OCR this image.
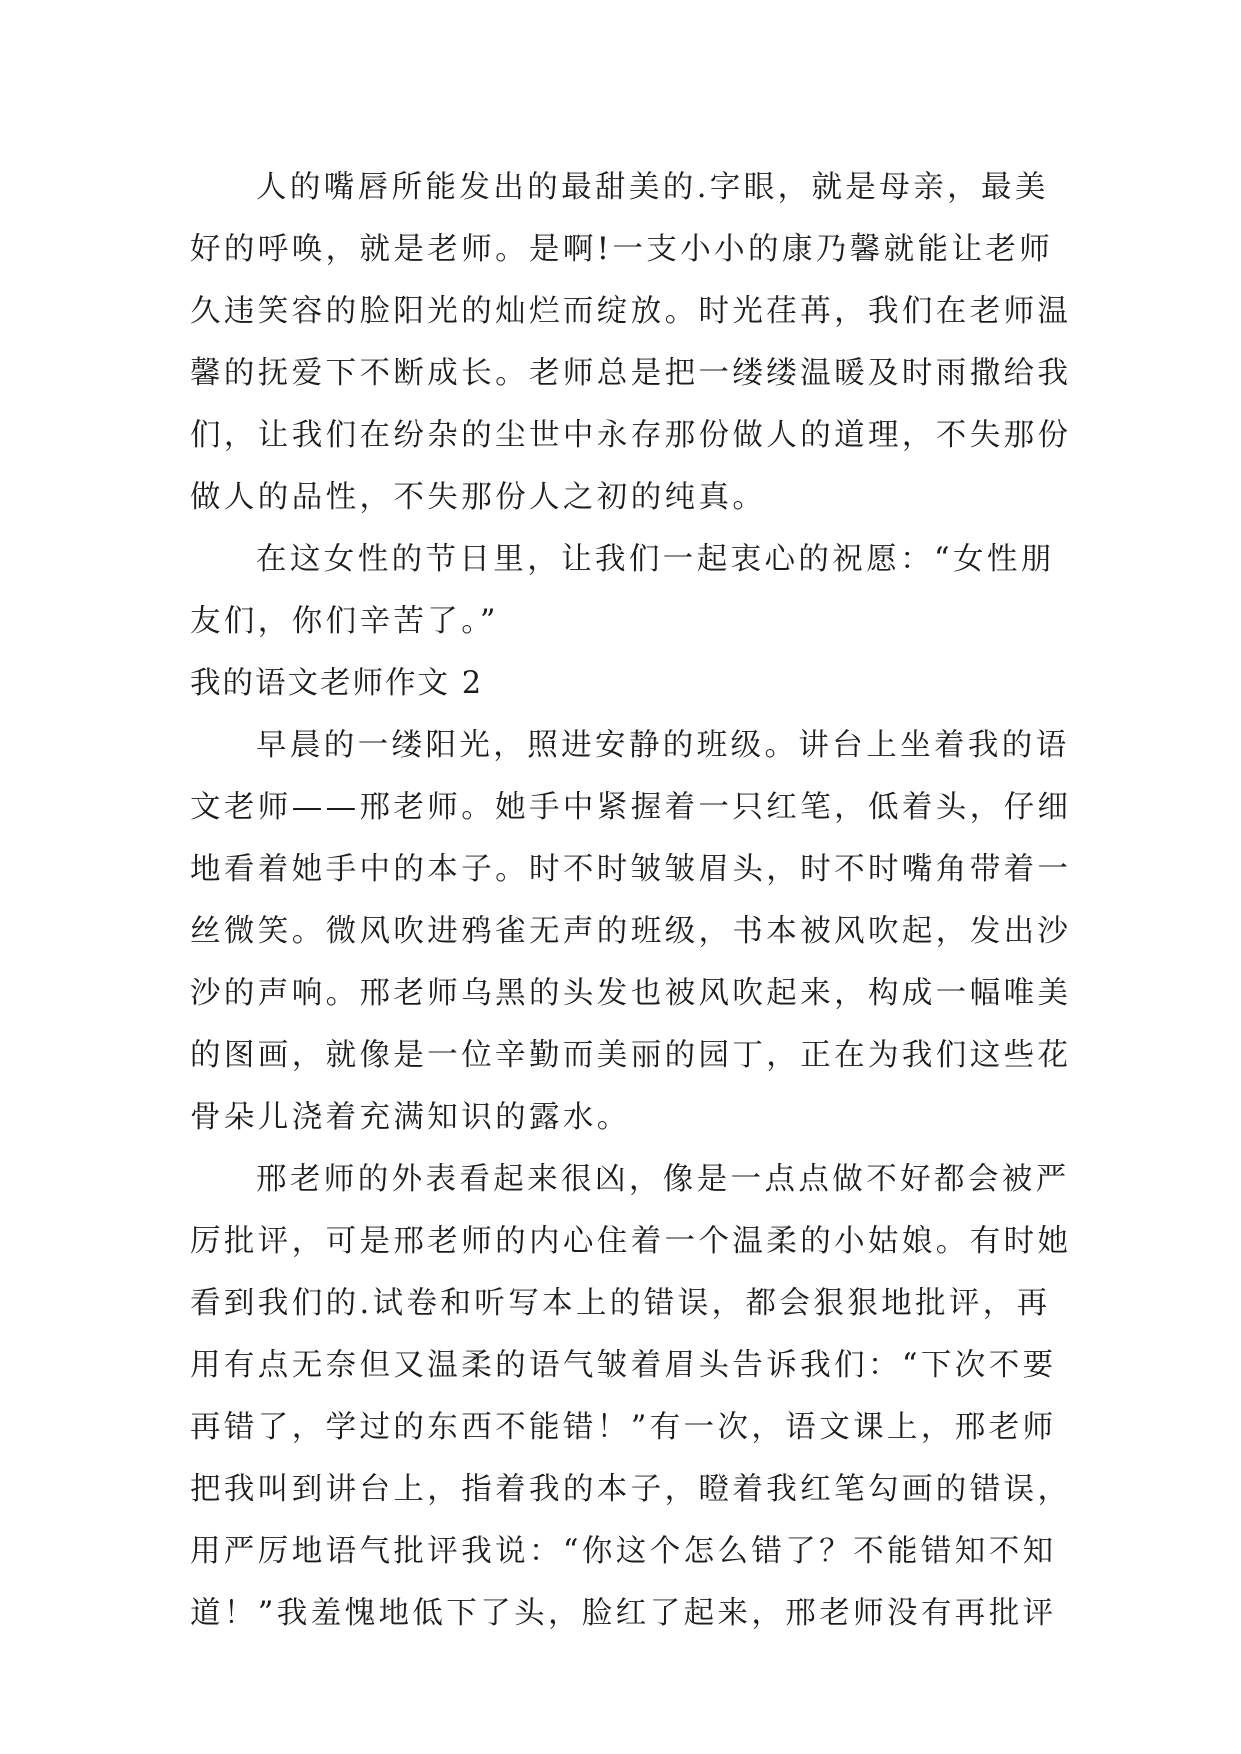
人的嘴唇所能发出的最甜美的.字眼，就是母亲，最美
好的呼唤，就是老师。是啊!一支小小的康乃馨就能让老师
久违笑容的脸阳光的灿烂而绽放。时光荏苒，我们在老师温
馨的抚爱下不断成长。老师总是把一缕缕温暖及时雨撒给我
们，让我们在纷杂的尘世中永存那份做人的道理，不失那份
做人的品性，不失那份人之初的纯真。
在这女性的节日里，让我们一起衷心的祝愿：“女性朋
友们，你们辛苦了。”
我的语文老师作文 2
早晨的一缕阳光，照进安静的班级。讲台上坐着我的语
文老师——邢老师。她手中紧握着一只红笔，低着头，仔细
地看着她手中的本子。时不时皱皱眉头，时不时嘴角带着一
丝微笑。微风吹进鸦雀无声的班级，书本被风吹起，发出沙
沙的声响。邢老师乌黑的头发也被风吹起来，构成一幅唯美
的图画，就像是一位辛勤而美丽的园丁，正在为我们这些花
骨朵儿浇着充满知识的露水。
邢老师的外表看起来很凶，像是一点点做不好都会被严
厉批评，可是邢老师的内心住着一个温柔的小姑娘。有时她
看到我们的.试卷和听写本上的错误，都会狠狠地批评，再
用有点无奈但又温柔的语气皱着眉头告诉我们：“下次不要
再错了，学过的东西不能错！”有一次，语文课上，邢老师
把我叫到讲台上，指着我的本子，瞪着我红笔勾画的错误，
用严厉地语气批评我说：“你这个怎么错了？不能错知不知
道！”我羞愧地低下了头，脸红了起来，邢老师没有再批评
